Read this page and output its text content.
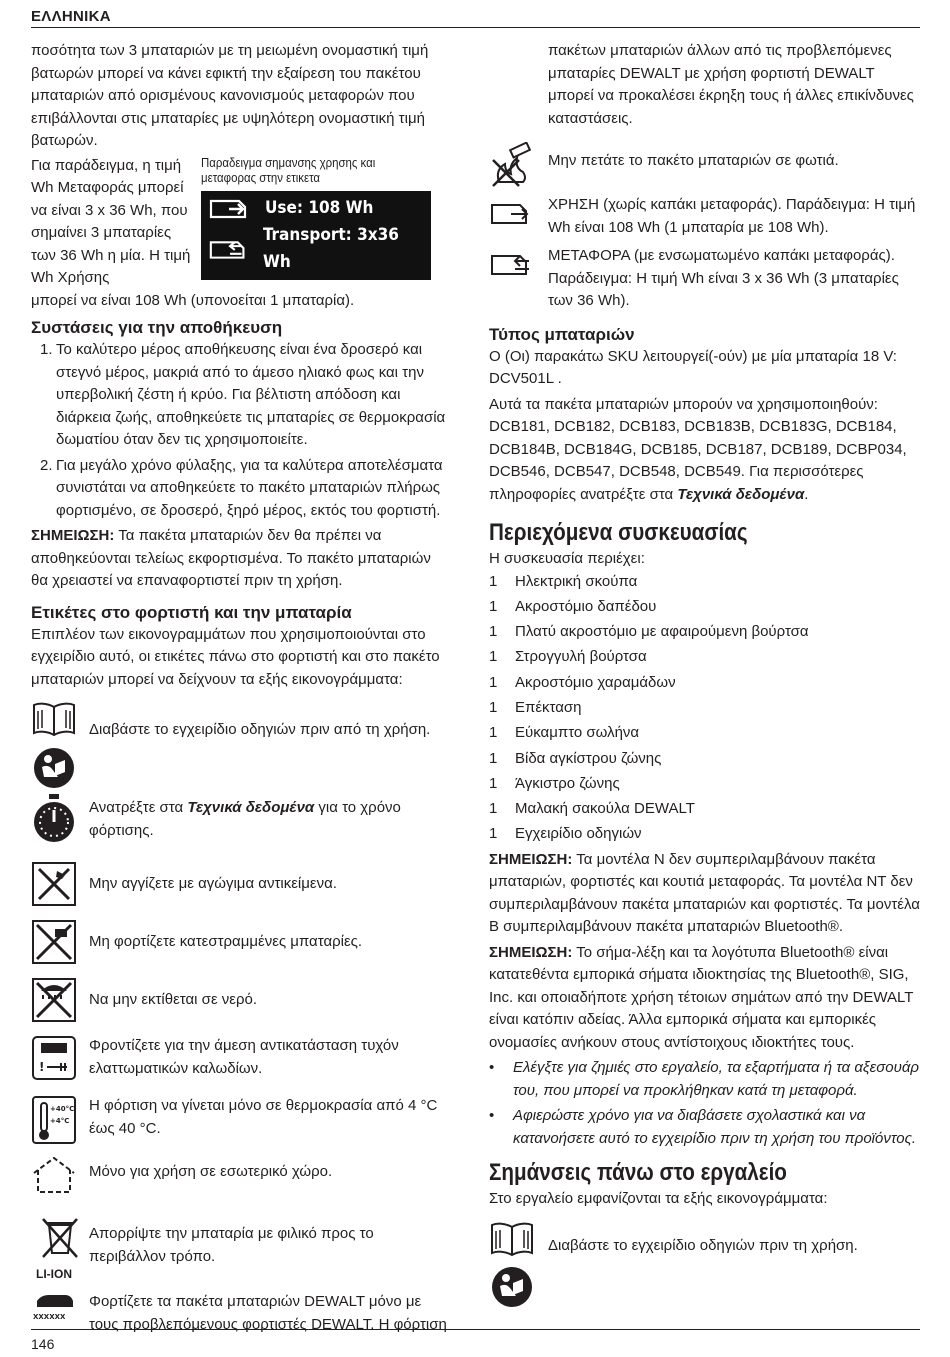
ΕΛΛΗΝΙΚΑ

ποσότητα των 3 μπαταριών με τη μειωμένη ονομαστική τιμή βατωρών μπορεί να κάνει εφικτή την εξαίρεση του πακέτου μπαταριών από ορισμένους κανονισμούς μεταφορών που επιβάλλονται στις μπαταρίες με υψηλότερη ονομαστική τιμή βατωρών.

Για παράδειγμα, η τιμή Wh Μεταφοράς μπορεί να είναι 3 x 36 Wh, που σημαίνει 3 μπαταρίες των 36 Wh η μία. Η τιμή Wh Χρήσης

Παραδειγμα σημανσης χρησης και μεταφορας στην ετικετα
Use: 108 Wh
Transport: 3x36 Wh

μπορεί να είναι 108 Wh (υπονοείται 1 μπαταρία).

Συστάσεις για την αποθήκευση
1. Το καλύτερο μέρος αποθήκευσης είναι ένα δροσερό και στεγνό μέρος, μακριά από το άμεσο ηλιακό φως και την υπερβολική ζέστη ή κρύο. Για βέλτιστη απόδοση και διάρκεια ζωής, αποθηκεύετε τις μπαταρίες σε θερμοκρασία δωματίου όταν δεν τις χρησιμοποιείτε.
2. Για μεγάλο χρόνο φύλαξης, για τα καλύτερα αποτελέσματα συνιστάται να αποθηκεύετε το πακέτο μπαταριών πλήρως φορτισμένο, σε δροσερό, ξηρό μέρος, εκτός του φορτιστή.

ΣΗΜΕΙΩΣΗ: Τα πακέτα μπαταριών δεν θα πρέπει να αποθηκεύονται τελείως εκφορτισμένα. Το πακέτο μπαταριών θα χρειαστεί να επαναφορτιστεί πριν τη χρήση.

Ετικέτες στο φορτιστή και την μπαταρία

Επιπλέον των εικονογραμμάτων που χρησιμοποιούνται στο εγχειρίδιο αυτό, οι ετικέτες πάνω στο φορτιστή και στο πακέτο μπαταριών μπορεί να δείχνουν τα εξής εικονογράμματα:

Διαβάστε το εγχειρίδιο οδηγιών πριν από τη χρήση.
Ανατρέξτε στα Τεχνικά δεδομένα για το χρόνο φόρτισης.
Μην αγγίζετε με αγώγιμα αντικείμενα.
Μη φορτίζετε κατεστραμμένες μπαταρίες.
Να μην εκτίθεται σε νερό.
!
Φροντίζετε για την άμεση αντικατάσταση τυχόν ελαττωματικών καλωδίων.
+40°C
+4°C
Η φόρτιση να γίνεται μόνο σε θερμοκρασία από 4 °C έως 40 °C.
Μόνο για χρήση σε εσωτερικό χώρο.
LI-ION
Απορρίψτε την μπαταρία με φιλικό προς το περιβάλλον τρόπο.
XXXXXX
Φορτίζετε τα πακέτα μπαταριών DEWALT μόνο με τους προβλεπόμενους φορτιστές DEWALT. Η φόρτιση
πακέτων μπαταριών άλλων από τις προβλεπόμενες μπαταρίες DEWALT με χρήση φορτιστή DEWALT μπορεί να προκαλέσει έκρηξη τους ή άλλες επικίνδυνες καταστάσεις.
Μην πετάτε το πακέτο μπαταριών σε φωτιά.
ΧΡΗΣΗ (χωρίς καπάκι μεταφοράς). Παράδειγμα: Η τιμή Wh είναι 108 Wh (1 μπαταρία με 108 Wh).
ΜΕΤΑΦΟΡΑ (με ενσωματωμένο καπάκι μεταφοράς). Παράδειγμα: Η τιμή Wh είναι 3 x 36 Wh (3 μπαταρίες των 36 Wh).
Τύπος μπαταριών

Ο (Οι) παρακάτω SKU λειτουργεί(-ούν) με μία μπαταρία 18 V: DCV501L .

Αυτά τα πακέτα μπαταριών μπορούν να χρησιμοποιηθούν: DCB181, DCB182, DCB183, DCB183B, DCB183G, DCB184, DCB184B, DCB184G, DCB185, DCB187, DCB189, DCBP034, DCB546, DCB547, DCB548, DCB549. Για περισσότερες πληροφορίες ανατρέξτε στα Τεχνικά δεδομένα.

Περιεχόμενα συσκευασίας

Η συσκευασία περιέχει:

1 Ηλεκτρική σκούπα
1 Ακροστόμιο δαπέδου
1 Πλατύ ακροστόμιο με αφαιρούμενη βούρτσα
1 Στρογγυλή βούρτσα
1 Ακροστόμιο χαραμάδων
1 Επέκταση
1 Εύκαμπτο σωλήνα
1 Βίδα αγκίστρου ζώνης
1 Άγκιστρο ζώνης
1 Μαλακή σακούλα DEWALT
1 Εγχειρίδιο οδηγιών

ΣΗΜΕΙΩΣΗ: Τα μοντέλα N δεν συμπεριλαμβάνουν πακέτα μπαταριών, φορτιστές και κουτιά μεταφοράς. Τα μοντέλα NT δεν συμπεριλαμβάνουν πακέτα μπαταριών και φορτιστές. Τα μοντέλα B συμπεριλαμβάνουν πακέτα μπαταριών Bluetooth®.

ΣΗΜΕΙΩΣΗ: Το σήμα-λέξη και τα λογότυπα Bluetooth® είναι κατατεθέντα εμπορικά σήματα ιδιοκτησίας της Bluetooth®, SIG, Inc. και οποιαδήποτε χρήση τέτοιων σημάτων από την DEWALT είναι κατόπιν αδείας. Άλλα εμπορικά σήματα και εμπορικές ονομασίες ανήκουν στους αντίστοιχους ιδιοκτήτες τους.

• Ελέγξτε για ζημιές στο εργαλείο, τα εξαρτήματα ή τα αξεσουάρ του, που μπορεί να προκλήθηκαν κατά τη μεταφορά.
• Αφιερώστε χρόνο για να διαβάσετε σχολαστικά και να κατανοήσετε αυτό το εγχειρίδιο πριν τη χρήση του προϊόντος.
Σημάνσεις πάνω στο εργαλείο

Στο εργαλείο εμφανίζονται τα εξής εικονογράμματα:

Διαβάστε το εγχειρίδιο οδηγιών πριν τη χρήση.
146
